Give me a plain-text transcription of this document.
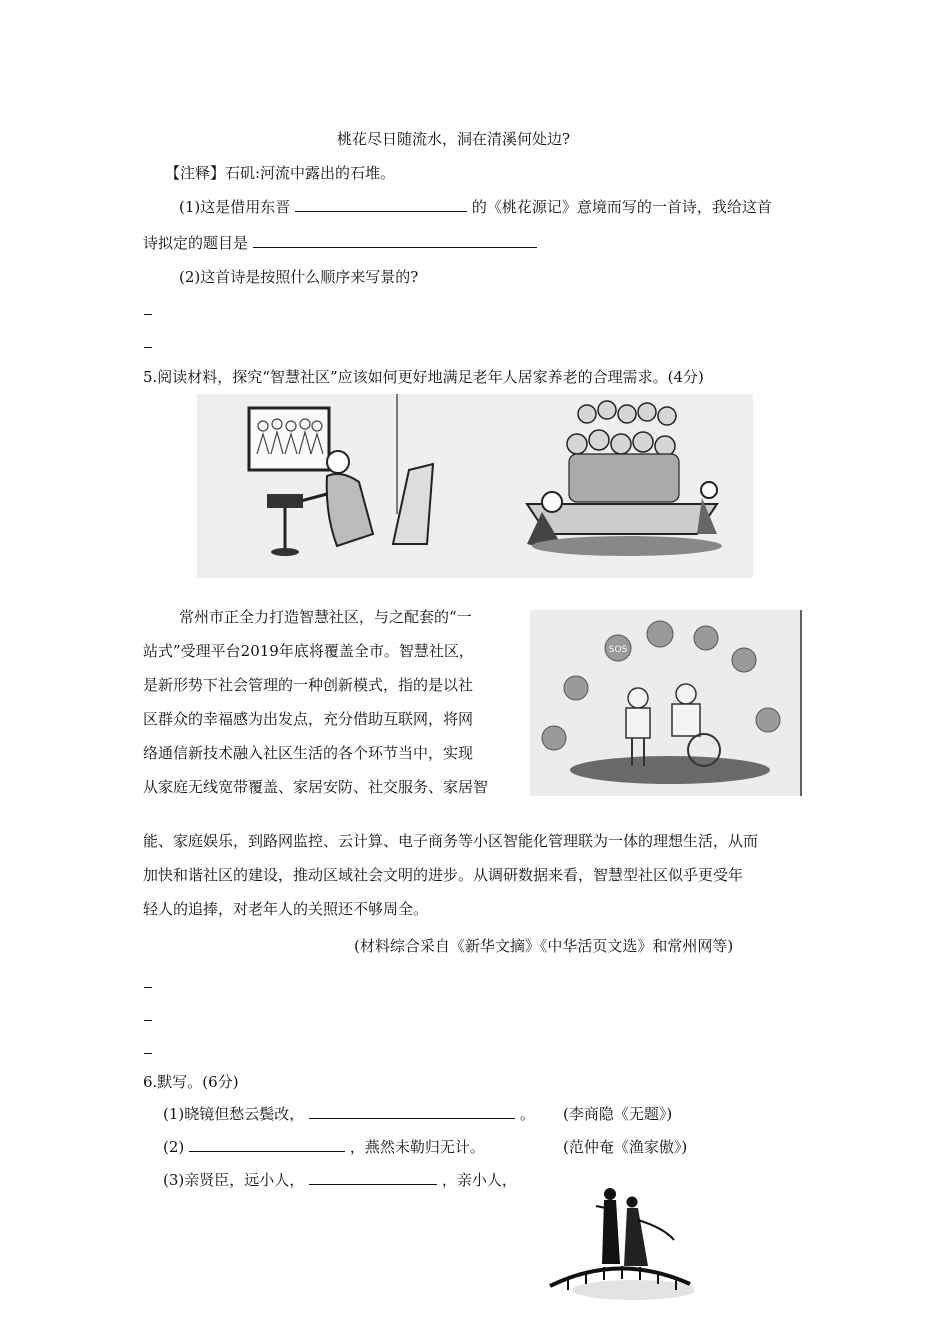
桃花尽日随流水，洞在清溪何处边?
【注释】石矶:河流中露出的石堆。
(1)这是借用东晋	的《桃花源记》意境而写的一首诗，我给这首
诗拟定的题目是
(2)这首诗是按照什么顺序来写景的?
5.阅读材料，探究“智慧社区”应该如何更好地满足老年人居家养老的合理需求。(4分)
常州市正全力打造智慧社区，与之配套的“一
站式”受理平台2019年底将覆盖全市。智慧社区，
是新形势下社会管理的一种创新模式，指的是以社
区群众的幸福感为出发点，充分借助互联网，将网
络通信新技术融入社区生活的各个环节当中，实现
从家庭无线宽带覆盖、家居安防、社交服务、家居智
SOS
能、家庭娱乐，到路网监控、云计算、电子商务等小区智能化管理联为一体的理想生活，从而
加快和谐社区的建设，推动区域社会文明的进步。从调研数据来看，智慧型社区似乎更受年
轻人的追捧，对老年人的关照还不够周全。
(材料综合采自《新华文摘》《中华活页文选》和常州网等)
6.默写。(6分)
(1)晓镜但愁云鬓改，	。 (李商隐《无题》)
(2)	，燕然未勒归无计。	(范仲奄《渔家傲》)
(3)亲贤臣，远小人，	，亲小人，
